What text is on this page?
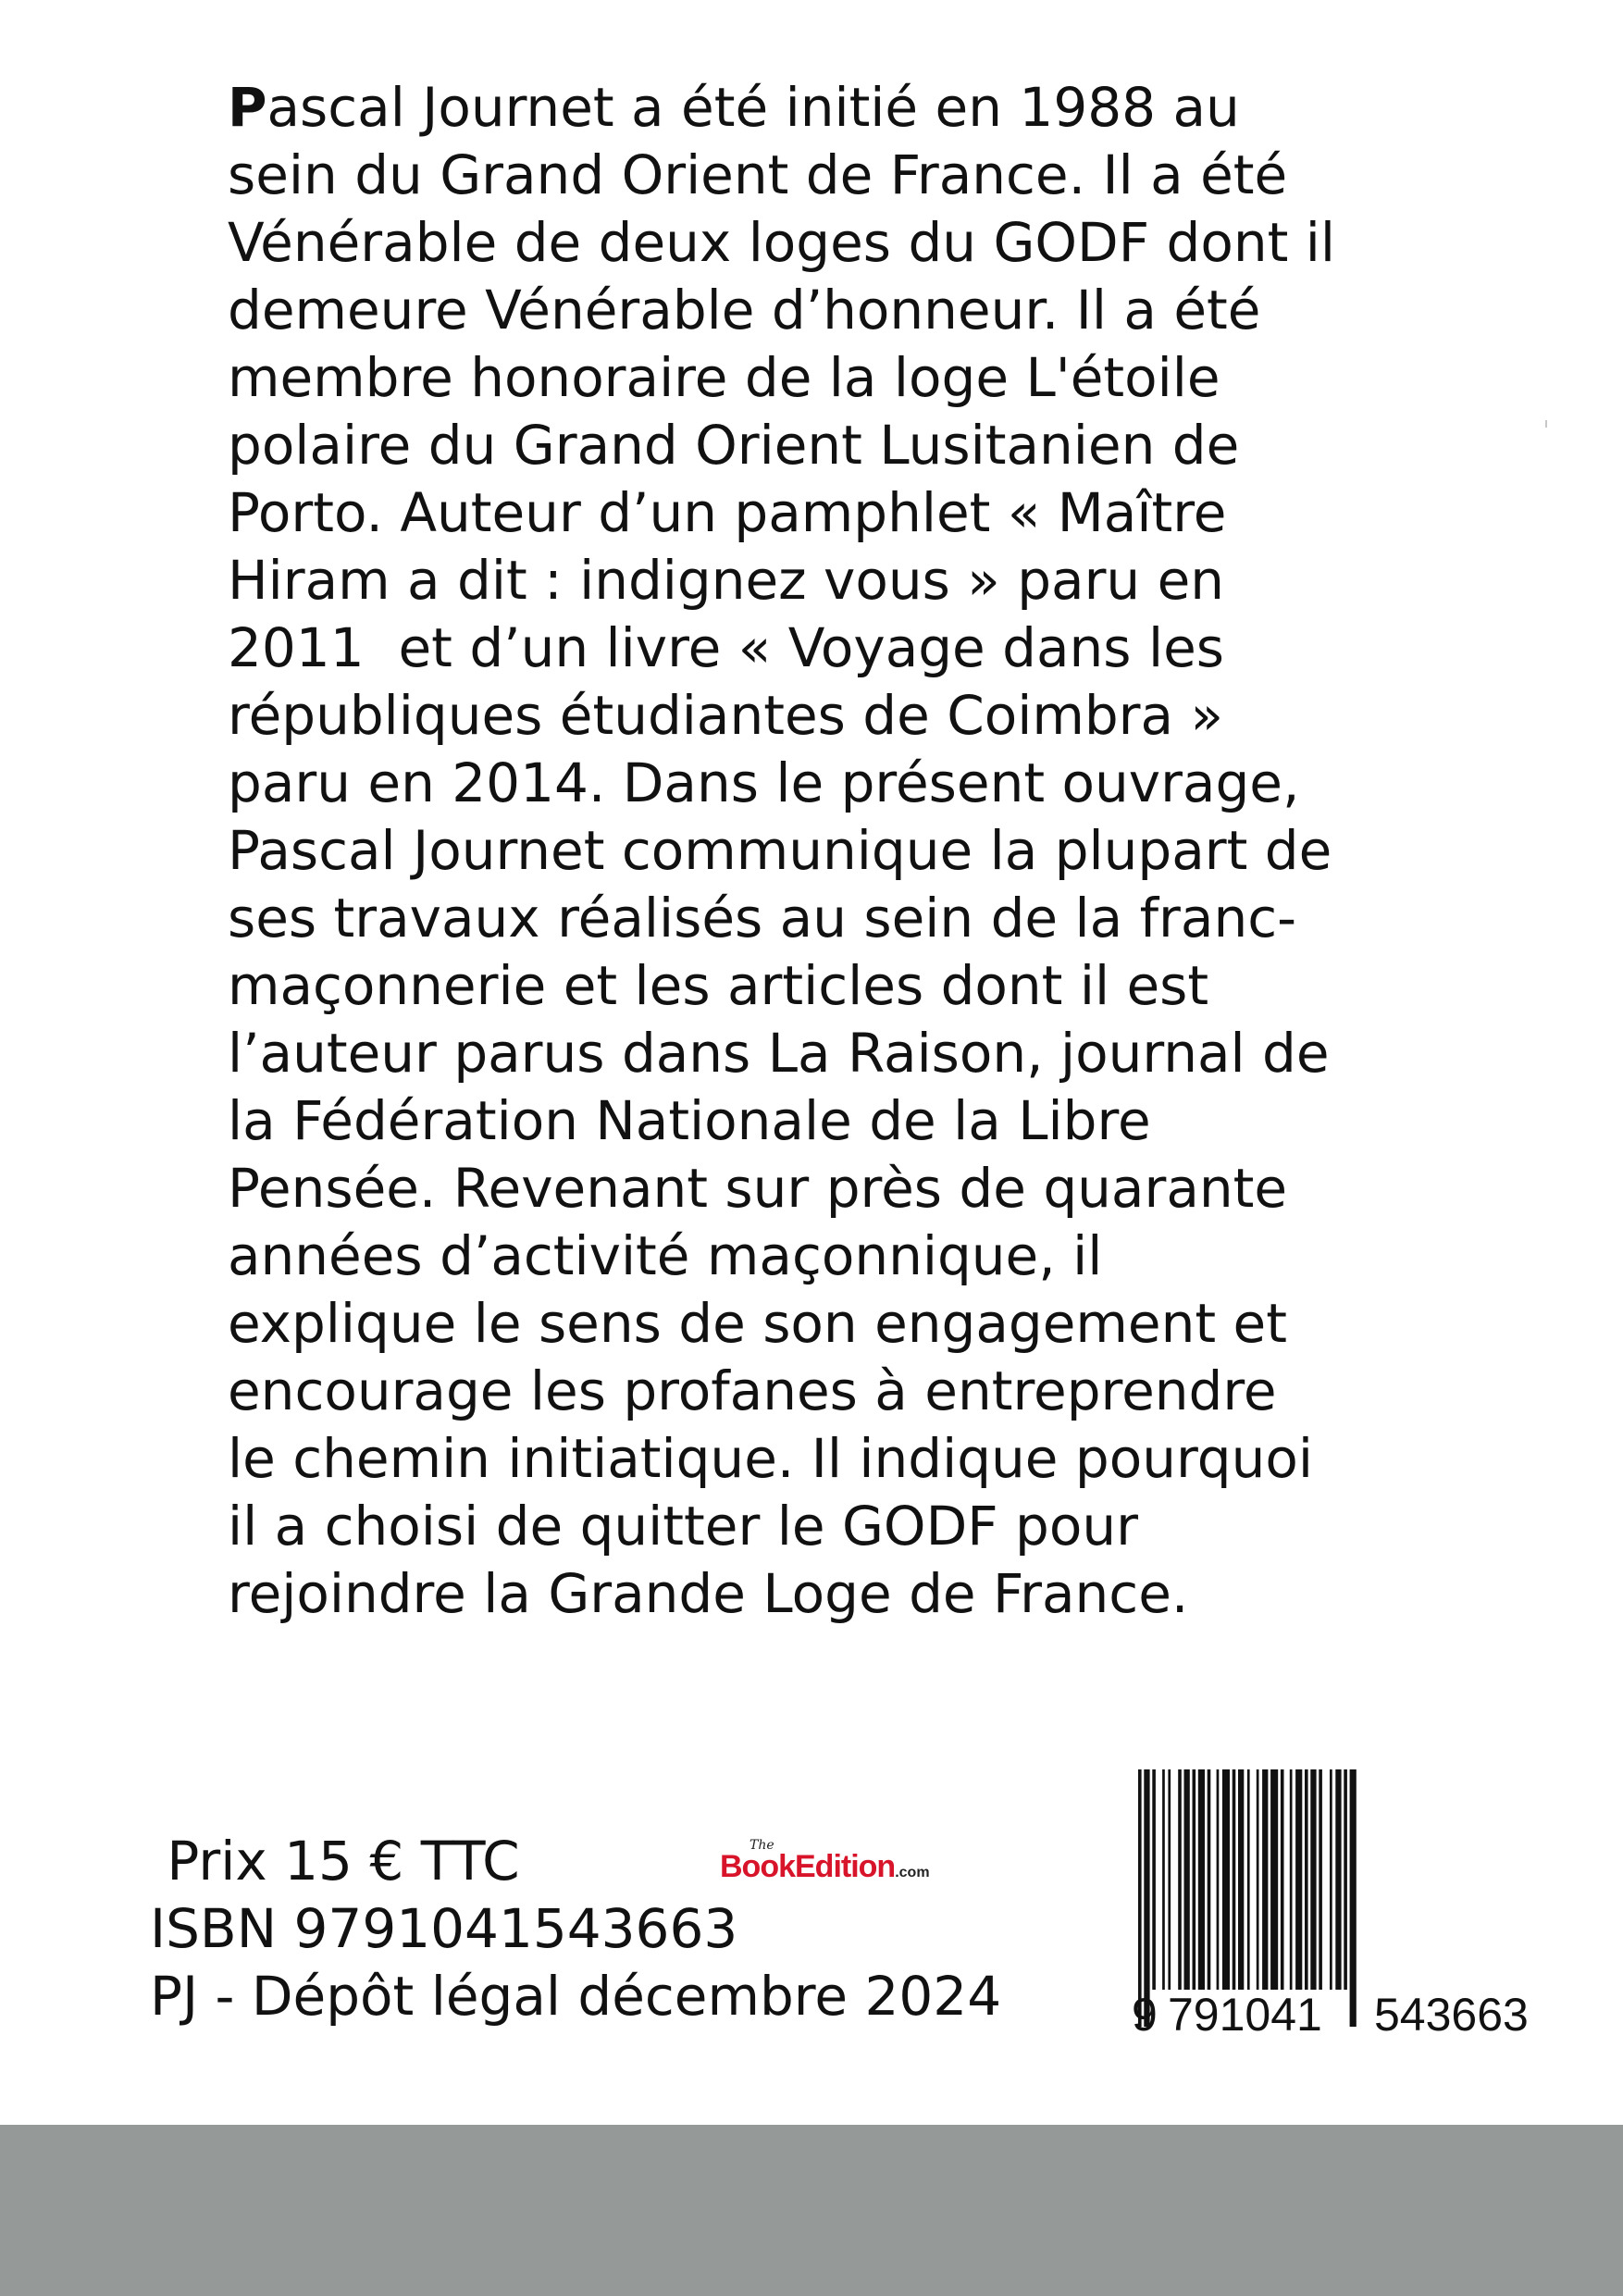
Pascal Journet a été initié en 1988 au
sein du Grand Orient de France. Il a été
Vénérable de deux loges du GODF dont il
demeure Vénérable d’honneur. Il a été
membre honoraire de la loge L'étoile
polaire du Grand Orient Lusitanien de
Porto. Auteur d’un pamphlet « Maître
Hiram a dit : indignez vous » paru en
2011  et d’un livre « Voyage dans les
républiques étudiantes de Coimbra »
paru en 2014. Dans le présent ouvrage,
Pascal Journet communique la plupart de
ses travaux réalisés au sein de la franc-
maçonnerie et les articles dont il est
l’auteur parus dans La Raison, journal de
la Fédération Nationale de la Libre
Pensée. Revenant sur près de quarante
années d’activité maçonnique, il
explique le sens de son engagement et
encourage les profanes à entreprendre
le chemin initiatique. Il indique pourquoi
il a choisi de quitter le GODF pour
rejoindre la Grande Loge de France.
Prix 15 € TTC
ISBN 9791041543663
PJ - Dépôt légal décembre 2024
The
BookEdition.com
9 791041 543663
